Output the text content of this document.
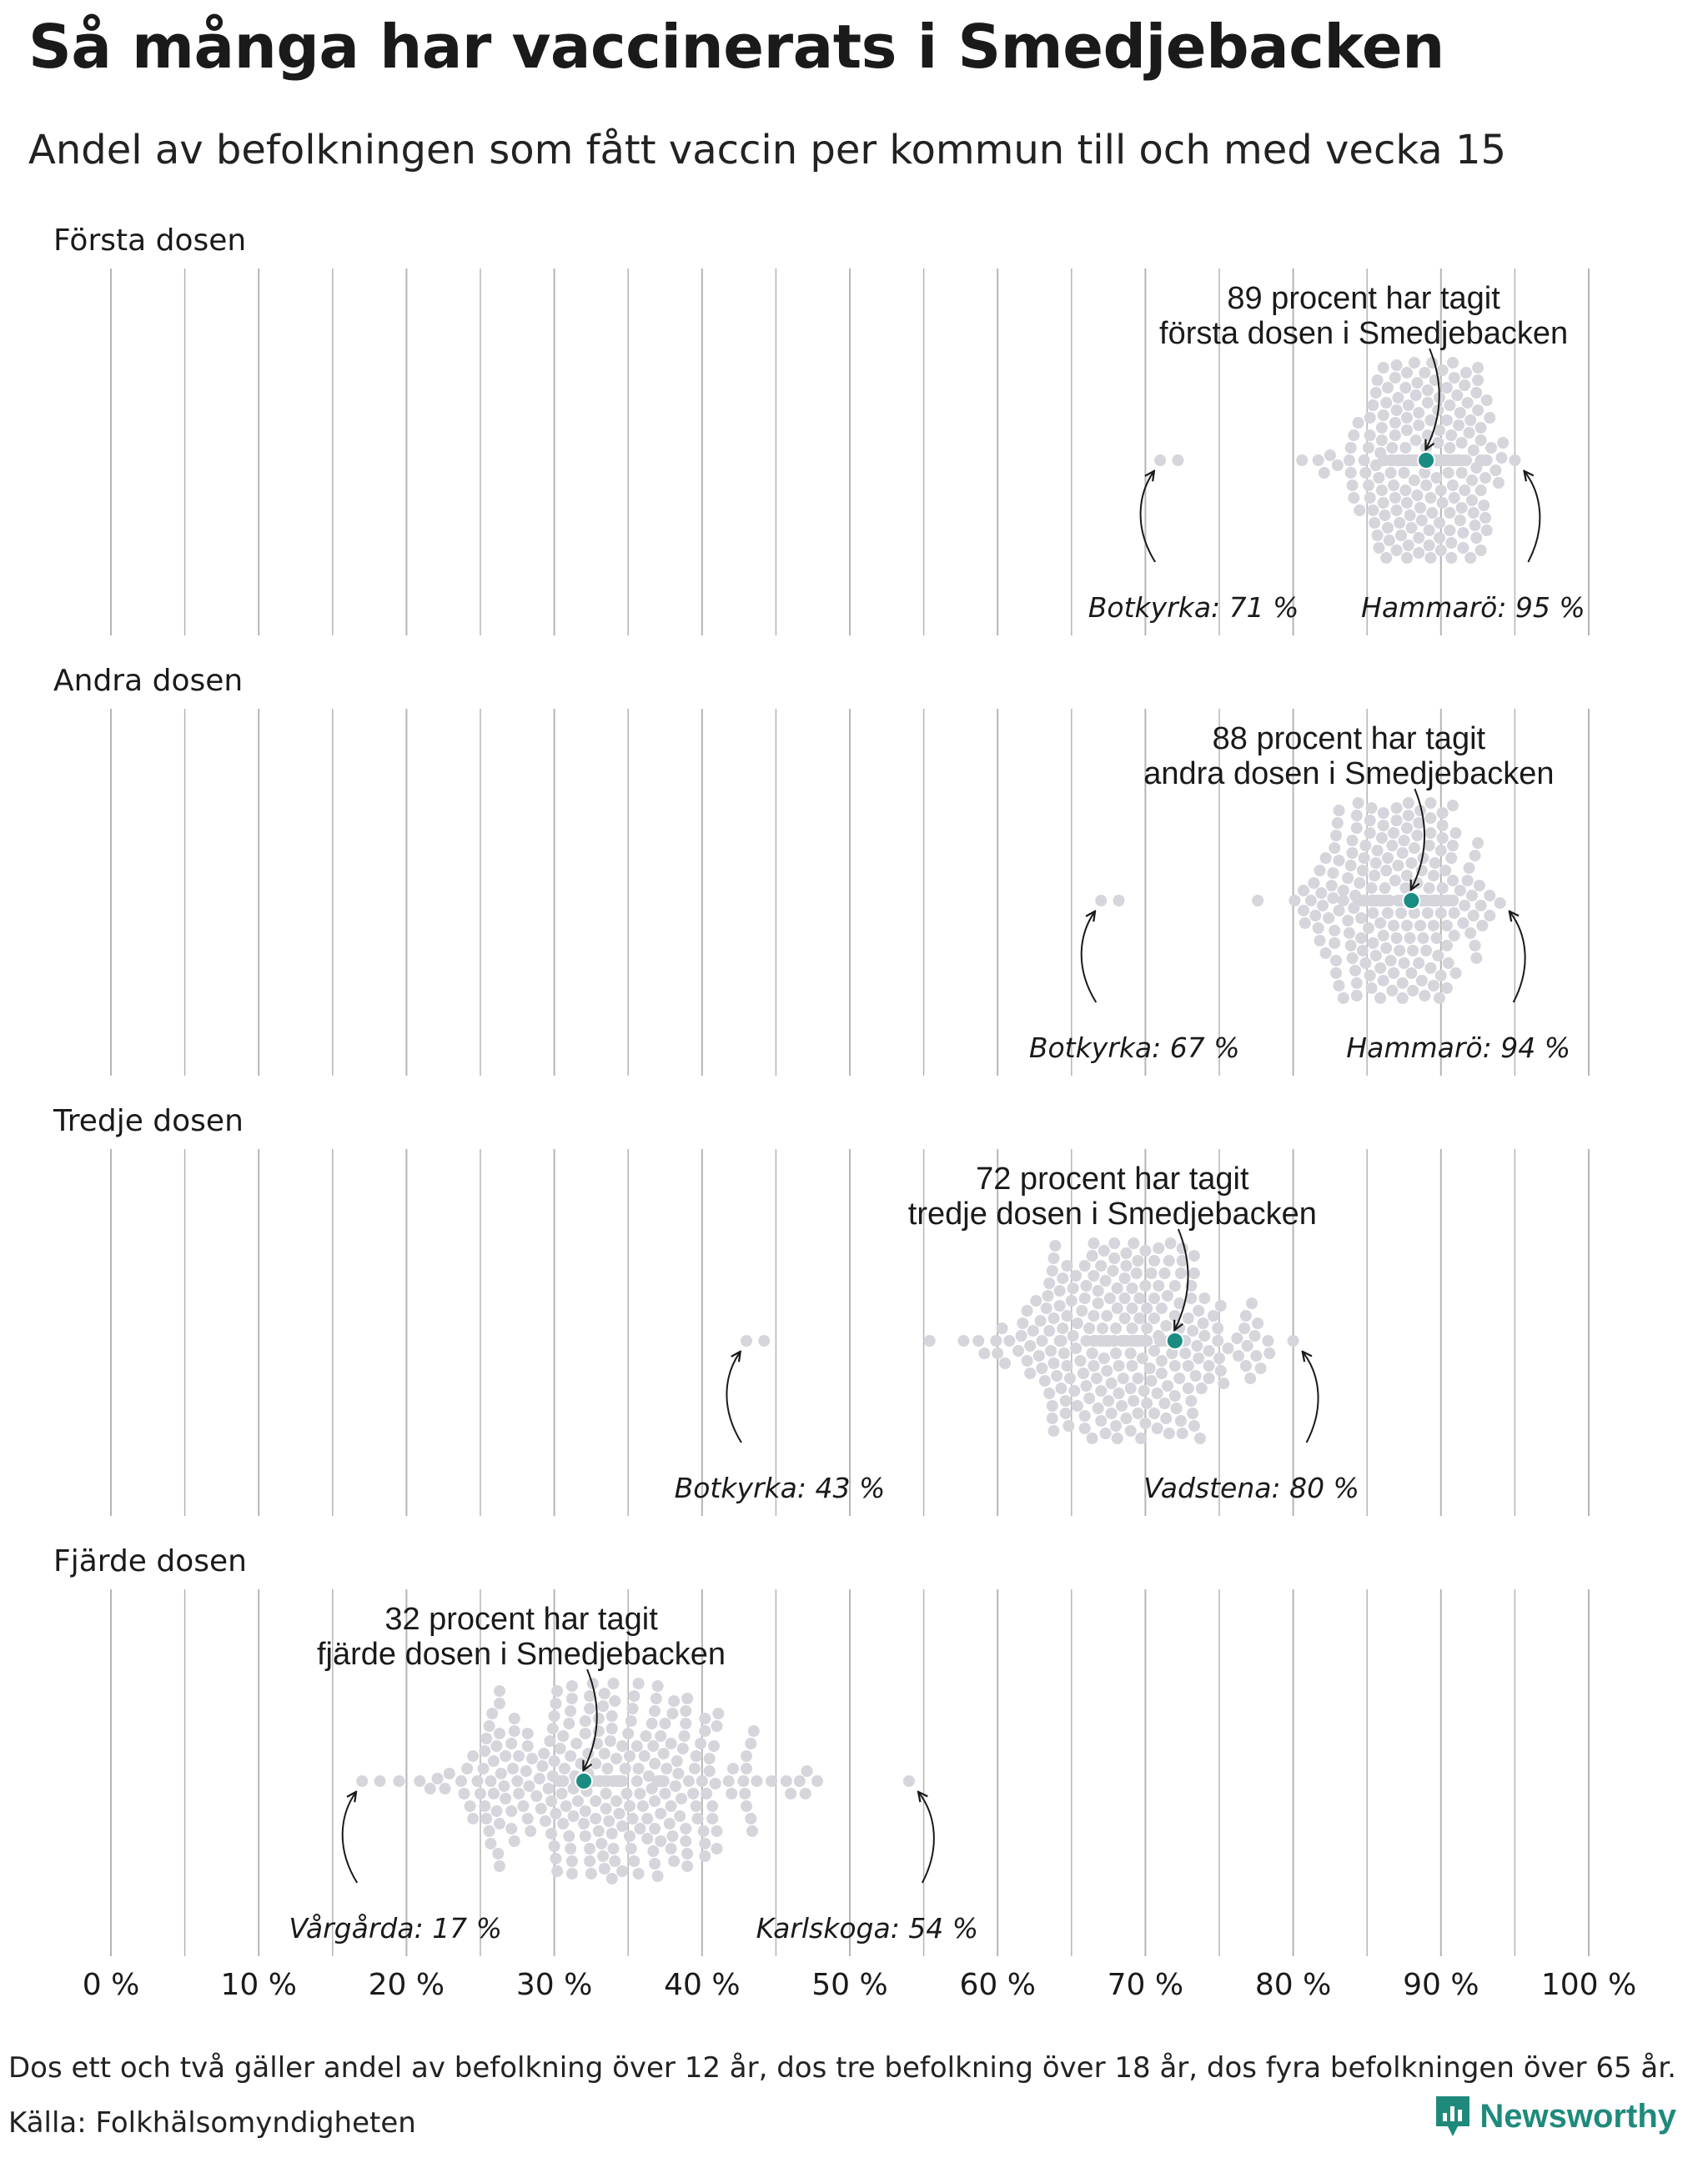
Så många har vaccinerats i Smedjebacken
Andel av befolkningen som fått vaccin per kommun till och med vecka 15
Första dosen
89 procent har tagit
första dosen i Smedjebacken
Botkyrka: 71 % Hammarö: 95 %
Andra dosen
88 procent har tagit
andra dosen i Smedjebacken
Botkyrka: 67 %	Hammarö: 94 %
Tredje dosen
72 procent har tagit
tredje dosen i Smedjebacken
Botkyrka: 43 %	Vadstena: 80 %
Fjärde dosen
32 procent har tagit
fjärde dosen i Smedjebacken
Vårgårda: 17 %	Karlskoga: 54 %
0 %	10 % 20 % 30 % 40 % 50 % 60 % 70 % 80 % 90 % 100 %
Dos ett och två gäller andel av befolkning över 12 år, dos tre befolkning över 18 år, dos fyra befolkningen över 65 år.
Källa: Folkhälsomyndigheten	Newsworthy
